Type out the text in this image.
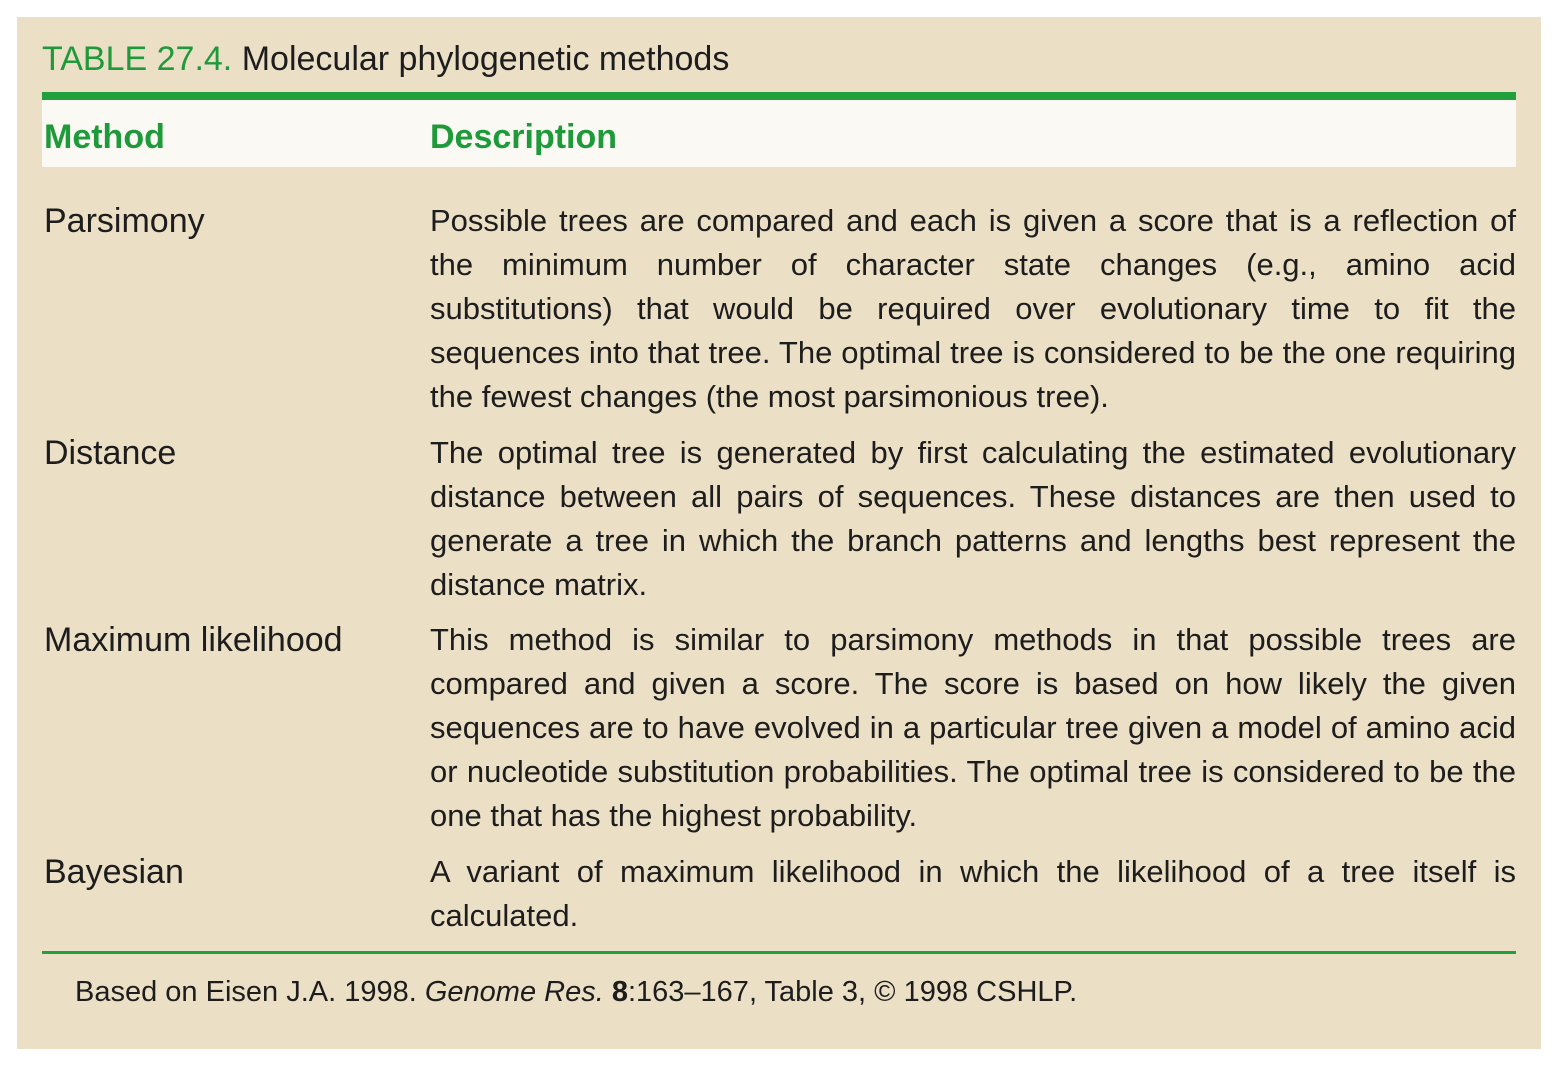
TABLE 27.4. Molecular phylogenetic methods
Method	Description
Parsimony	Possible trees are compared and each is given a score that is a reflection of the minimum number of character state changes (e.g., amino acid substitutions) that would be required over evolutionary time to fit the sequences into that tree. The optimal tree is considered to be the one requiring the fewest changes (the most parsimonious tree).
Distance	The optimal tree is generated by first calculating the estimated evolutionary distance between all pairs of sequences. These distances are then used to generate a tree in which the branch patterns and lengths best represent the distance matrix.
Maximum likelihood	This method is similar to parsimony methods in that possible trees are compared and given a score. The score is based on how likely the given sequences are to have evolved in a particular tree given a model of amino acid or nucleotide substitution probabilities. The optimal tree is considered to be the one that has the highest probability.
Bayesian	A variant of maximum likelihood in which the likelihood of a tree itself is calculated.
Based on Eisen J.A. 1998. Genome Res. 8:163–167, Table 3, © 1998 CSHLP.
